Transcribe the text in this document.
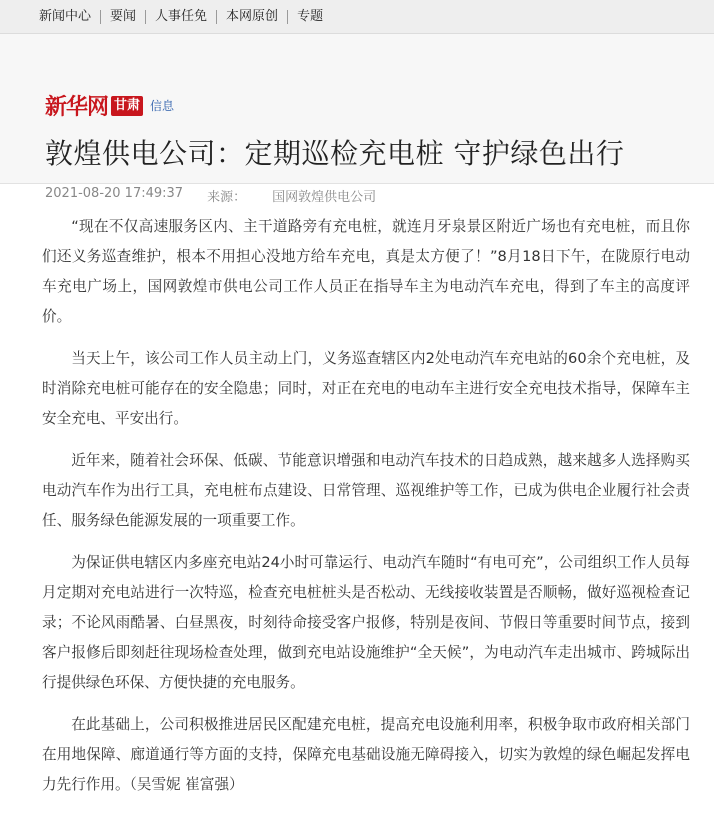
新闻中心	要闻	人事任免	本网原创	专题
新华网 甘肃 信息
敦煌供电公司：定期巡检充电桩 守护绿色出行
2021-08-20 17:49:37 来源： 国网敦煌供电公司

“现在不仅高速服务区内、主干道路旁有充电桩，就连月牙泉景区附近广场也有充电桩，而且你们还义务巡查维护，根本不用担心没地方给车充电，真是太方便了！”8月18日下午，在陇原行电动车充电广场上，国网敦煌市供电公司工作人员正在指导车主为电动汽车充电，得到了车主的高度评价。

当天上午，该公司工作人员主动上门，义务巡查辖区内2处电动汽车充电站的60余个充电桩，及时消除充电桩可能存在的安全隐患；同时，对正在充电的电动车主进行安全充电技术指导，保障车主安全充电、平安出行。

近年来，随着社会环保、低碳、节能意识增强和电动汽车技术的日趋成熟，越来越多人选择购买电动汽车作为出行工具，充电桩布点建设、日常管理、巡视维护等工作，已成为供电企业履行社会责任、服务绿色能源发展的一项重要工作。

为保证供电辖区内多座充电站24小时可靠运行、电动汽车随时“有电可充”，公司组织工作人员每月定期对充电站进行一次特巡，检查充电桩桩头是否松动、无线接收装置是否顺畅，做好巡视检查记录；不论风雨酷暑、白昼黑夜，时刻待命接受客户报修，特别是夜间、节假日等重要时间节点，接到客户报修后即刻赶往现场检查处理，做到充电站设施维护“全天候”，为电动汽车走出城市、跨城际出行提供绿色环保、方便快捷的充电服务。

在此基础上，公司积极推进居民区配建充电桩，提高充电设施利用率，积极争取市政府相关部门在用地保障、廊道通行等方面的支持，保障充电基础设施无障碍接入，切实为敦煌的绿色崛起发挥电力先行作用。（吴雪妮 崔富强）
